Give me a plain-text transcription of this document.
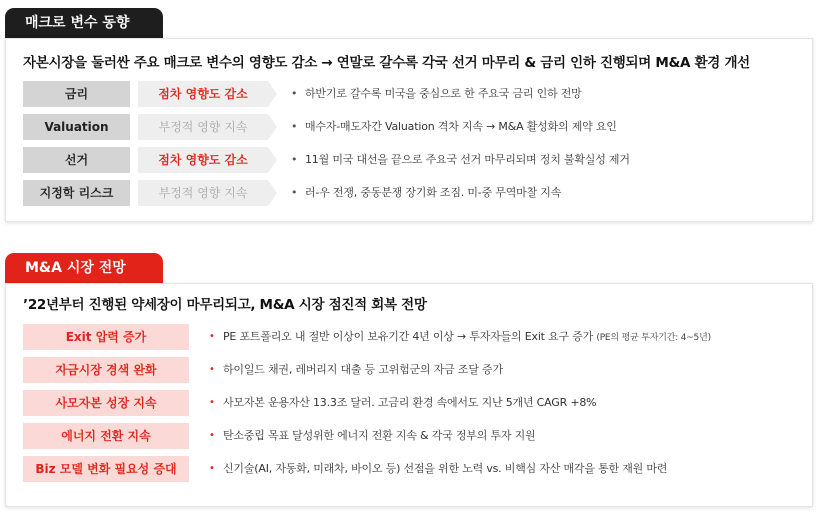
매크로 변수 동향
자본시장을 둘러싼 주요 매크로 변수의 영향도 감소 → 연말로 갈수록 각국 선거 마무리 & 금리 인하 진행되며 M&A 환경 개선
금리	점차 영향도 감소	• 하반기로 갈수록 미국을 중심으로 한 주요국 금리 인하 전망
Valuation	부정적 영향 지속	• 매수자-매도자간 Valuation 격차 지속 → M&A 활성화의 제약 요인
선거	점차 영향도 감소	• 11월 미국 대선을 끝으로 주요국 선거 마무리되며 정치 불확실성 제거
지정학 리스크	부정적 영향 지속	• 러-우 전쟁, 중동분쟁 장기화 조짐. 미-중 무역마찰 지속
M&A 시장 전망
’22년부터 진행된 약세장이 마무리되고, M&A 시장 점진적 회복 전망
Exit 압력 증가	• PE 포트폴리오 내 절반 이상이 보유기간 4년 이상 → 투자자들의 Exit 요구 증가 (PE의 평균 투자기간: 4~5년)
자금시장 경색 완화	• 하이일드 채권, 레버리지 대출 등 고위험군의 자금 조달 증가
사모자본 성장 지속	• 사모자본 운용자산 13.3조 달러. 고금리 환경 속에서도 지난 5개년 CAGR +8%
에너지 전환 지속	• 탄소중립 목표 달성위한 에너지 전환 지속 & 각국 정부의 투자 지원
Biz 모델 변화 필요성 증대	• 신기술(AI, 자동화, 미래차, 바이오 등) 선점을 위한 노력 vs. 비핵심 자산 매각을 통한 재원 마련
